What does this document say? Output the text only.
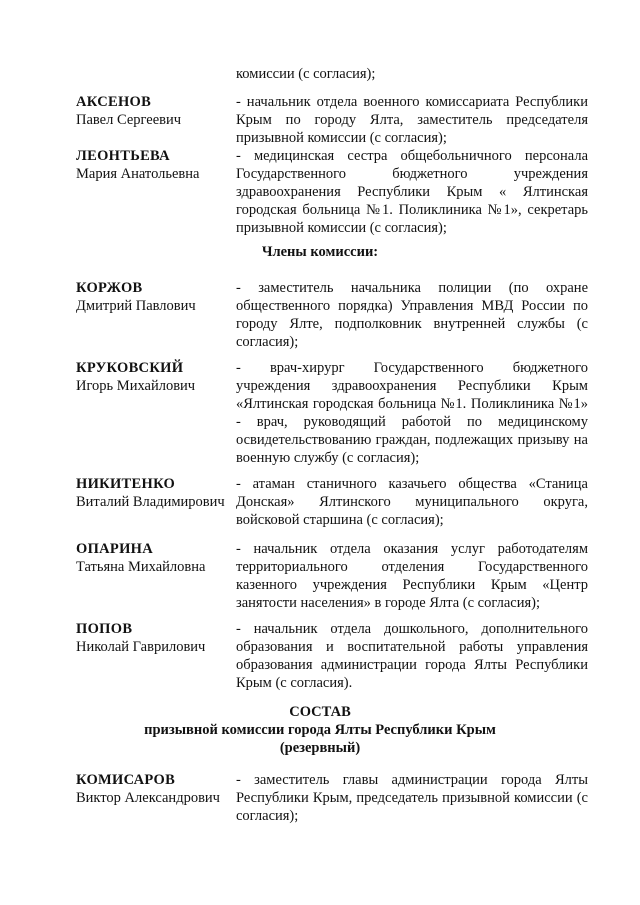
комиссии (с согласия);
АКСЕНОВ
Павел Сергеевич
- начальник отдела военного комиссариата Республики Крым по городу Ялта, заместитель председателя призывной комиссии (с согласия);
ЛЕОНТЬЕВА
Мария Анатольевна
- медицинская сестра общебольничного персонала Государственного бюджетного учреждения здравоохранения Республики Крым « Ялтинская городская больница №1. Поликлиника №1», секретарь призывной комиссии (с согласия);
Члены комиссии:
КОРЖОВ
Дмитрий Павлович
- заместитель начальника полиции (по охране общественного порядка) Управления МВД России по городу Ялте, подполковник внутренней службы (с согласия);
КРУКОВСКИЙ
Игорь Михайлович
- врач-хирург Государственного бюджетного учреждения здравоохранения Республики Крым «Ялтинская городская больница №1. Поликлиника №1» - врач, руководящий работой по медицинскому освидетельствованию граждан, подлежащих призыву на военную службу (с согласия);
НИКИТЕНКО
Виталий Владимирович
- атаман станичного казачьего общества «Станица Донская» Ялтинского муниципального округа, войсковой старшина (с согласия);
ОПАРИНА
Татьяна Михайловна
- начальник отдела оказания услуг работодателям территориального отделения Государственного казенного учреждения Республики Крым «Центр занятости населения» в городе Ялта (с согласия);
ПОПОВ
Николай Гаврилович
- начальник отдела дошкольного, дополнительного образования и воспитательной работы управления образования администрации города Ялты Республики Крым (с согласия).
СОСТАВ
призывной комиссии города Ялты Республики Крым
(резервный)
КОМИСАРОВ
Виктор Александрович
- заместитель главы администрации города Ялты Республики Крым, председатель призывной комиссии (с согласия);
